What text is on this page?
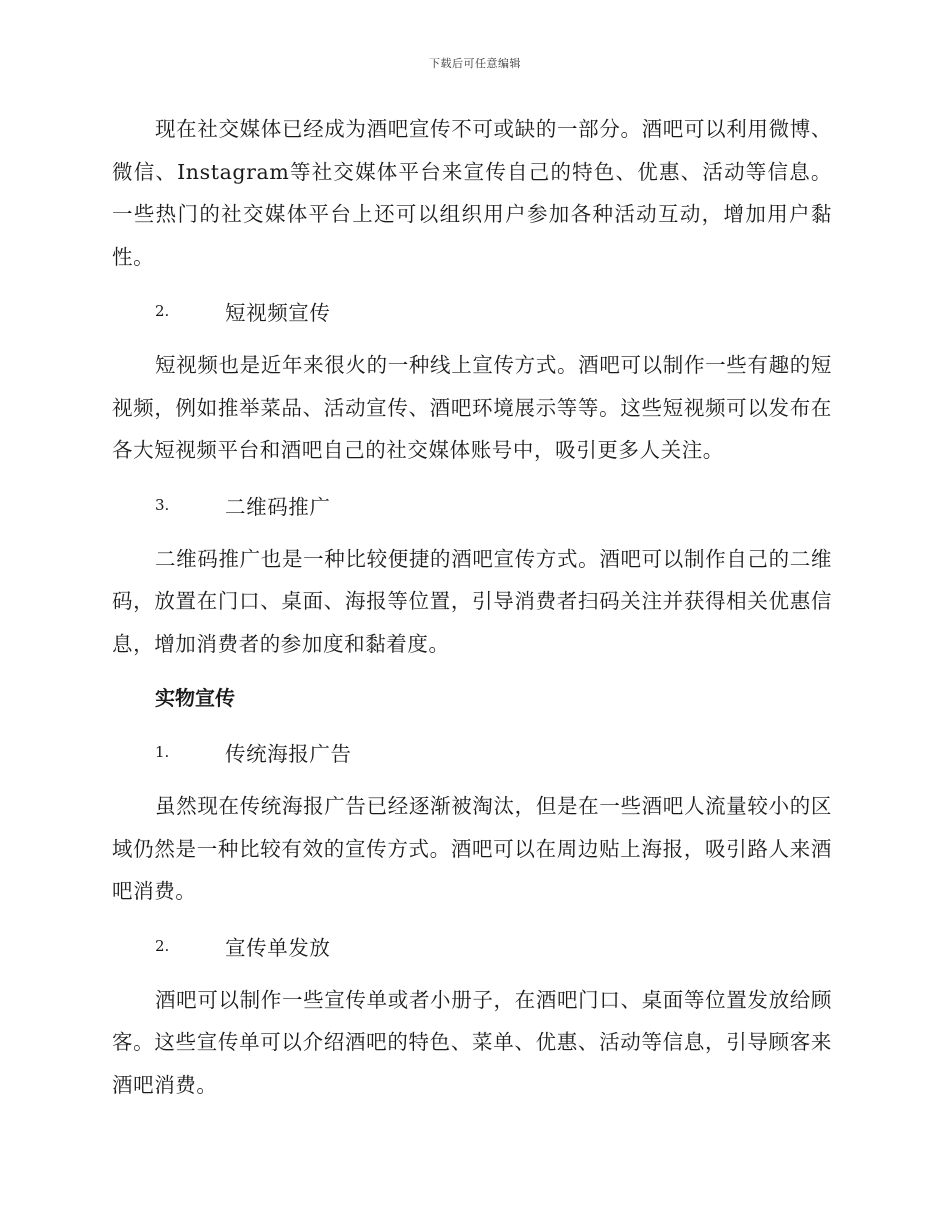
下载后可任意编辑

现在社交媒体已经成为酒吧宣传不可或缺的一部分。酒吧可以利用微博、微信、Instagram等社交媒体平台来宣传自己的特色、优惠、活动等信息。一些热门的社交媒体平台上还可以组织用户参加各种活动互动，增加用户黏性。

2.	短视频宣传

短视频也是近年来很火的一种线上宣传方式。酒吧可以制作一些有趣的短视频，例如推举菜品、活动宣传、酒吧环境展示等等。这些短视频可以发布在各大短视频平台和酒吧自己的社交媒体账号中，吸引更多人关注。

3.	二维码推广

二维码推广也是一种比较便捷的酒吧宣传方式。酒吧可以制作自己的二维码，放置在门口、桌面、海报等位置，引导消费者扫码关注并获得相关优惠信息，增加消费者的参加度和黏着度。

实物宣传
1.	传统海报广告

虽然现在传统海报广告已经逐渐被淘汰，但是在一些酒吧人流量较小的区域仍然是一种比较有效的宣传方式。酒吧可以在周边贴上海报，吸引路人来酒吧消费。

2.	宣传单发放

酒吧可以制作一些宣传单或者小册子，在酒吧门口、桌面等位置发放给顾客。这些宣传单可以介绍酒吧的特色、菜单、优惠、活动等信息，引导顾客来酒吧消费。
